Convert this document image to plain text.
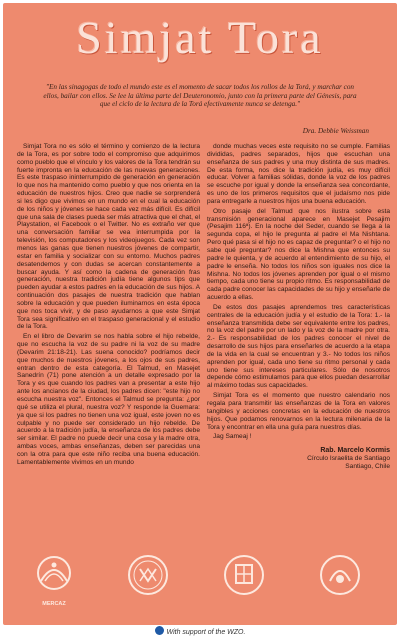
Simjat Tora
"En las sinagogas de todo el mundo este es el momento de sacar todos los rollos de la Torá, y marchar con ellos, bailar con ellos. Se lee la última parte del Deuteronomio, junto con la primera parte del Génesis, para que el ciclo de la lectura de la Torá efectivamente nunca se detenga."
Dra. Debbie Weissman

Simjat Tora no es sólo el término y comienzo de la lectura de la Tora, es por sobre todo el compromiso que adquirimos como pueblo que el vínculo y los valores de la Tora tendrán su fuerte impronta en la educación de las nuevas generaciones. Es este traspaso ininterrumpido de generación en generación lo que nos ha mantenido como pueblo y que nos orienta en la educación de nuestros hijos. Creo que nadie se sorprenderá si les digo que vivimos en un mundo en el cual la educación de los niños y jóvenes se hace cada vez más difícil. Es difícil que una sala de clases pueda ser más atractiva que el chat, el Playstation, el Facebook o el Twitter. No es extraño ver que una conversación familiar se vea interrumpida por la televisión, los computadores y los videojuegos. Cada vez son menos las ganas que tienen nuestros jóvenes de compartir, estar en familia y socializar con su entorno. Muchos padres desatendemos y con dudas se acercan constantemente a buscar ayuda. Y así como la cadena de generación fras generación, nuestra tradición judía tiene algunos tips que pueden ayudar a estos padres en la educación de sus hijos. A continuación dos pasajes de nuestra tradición que hablan sobre la educación y que pueden iluminarnos en esta época que nos toca vivir, y de paso ayudarnos a que este Simjat Tora sea significativo en el traspaso generacional y el estudio de la Tora.

En el libro de Devarim se nos habla sobre el hijo rebelde, que no escucha la voz de su padre ni la voz de su madre (Devarim 21:18-21). Las suena conocido? podríamos decir que muchos de nuestros jóvenes, a los ojos de sus padres, entran dentro de esta categoría. El Talmud, en Masejet Sanedrín (71) pone atención a un detalle expresado por la Tora y es que cuando los padres van a presentar a este hijo ante los ancianos de la ciudad, los padres dicen: "este hijo no escucha nuestra voz". Entonces el Talmud se pregunta: ¿por qué se utiliza el plural, nuestra voz? Y responde la Guemara: ya que si los padres no tienen una voz igual, este joven no es culpable y no puede ser considerado un hijo rebelde. De acuerdo a la tradición judía, la enseñanza de los padres debe ser similar. El padre no puede decir una cosa y la madre otra, ambas voces, ambas enseñanzas, deben ser parecidas una con la otra para que este niño reciba una buena educación. Lamentablemente vivimos en un mundo

donde muchas veces este requisito no se cumple. Familias divididas, padres separados, hijos que escuchan una enseñanza de sus padres y una muy distinta de sus madres. De esta forma, nos dice la tradición judía, es muy difícil educar. Volver a familias sólidas, donde la voz de los padres se escuche por igual y donde la enseñanza sea concordante, es uno de los primeros requisitos que el judaísmo nos pide para entregarle a nuestros hijos una buena educación.

Otro pasaje del Talmud que nos ilustra sobre esta transmisión generacional aparece en Masejet Pesajim (Pesajim 116ª). En la noche del Seder, cuando se llega a la segunda copa, el hijo le pregunta al padre el Ma Nishtana. Pero qué pasa si el hijo no es capaz de preguntar? o el hijo no sabe qué preguntar? nos dice la Mishna que entonces su padre le quienta, y de acuerdo al entendimiento de su hijo, el padre le enseña. No todos los niños son iguales nos dice la Mishna. No todos los jóvenes aprenden por igual o el mismo tiempo, cada uno tiene su propio ritmo. Es responsabilidad de cada padre conocer las capacidades de su hijo y enseñarle de acuerdo a ellas.

De estos dos pasajes aprendemos tres características centrales de la educación judía y el estudio de la Tora: 1.- la enseñanza transmitida debe ser equivalente entre los padres, no la voz del padre por un lado y la voz de la madre por otra. 2.- Es responsabilidad de los padres conocer el nivel de desarrollo de sus hijos para enseñarles de acuerdo a la etapa de la vida en la cual se encuentran y 3.- No todos los niños aprenden por igual, cada uno tiene su ritmo personal y cada uno tiene sus intereses particulares. Sólo de nosotros depende cómo estimulamos para que ellos puedan desarrollar al máximo todas sus capacidades.

Simjat Tora es el momento que nuestro calendario nos regala para transmitir las enseñanzas de la Tora en valores tangibles y acciones concretas en la educación de nuestros hijos. Que podamos renovarnos en la lectura milenaria de la Tora y encontrar en ella una guía para nuestros días.

Jag Sameaj !

Rab. Marcelo Kormis
Círculo Israelita de Santiago
Santiago, Chile
MERCAZ
With support of the WZO.
